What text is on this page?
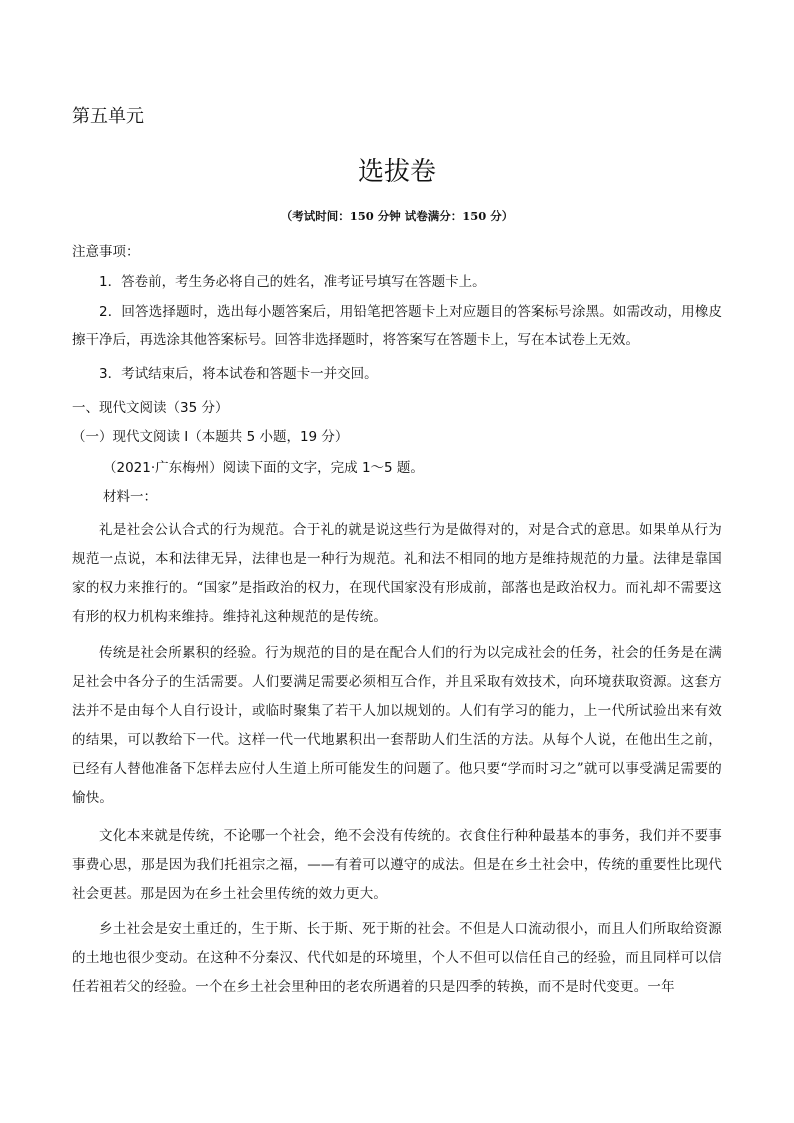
第五单元
选拔卷
（考试时间：150 分钟 试卷满分：150 分）
注意事项：
1．答卷前，考生务必将自己的姓名，准考证号填写在答题卡上。
2．回答选择题时，选出每小题答案后，用铅笔把答题卡上对应题目的答案标号涂黑。如需改动，用橡皮擦干净后，再选涂其他答案标号。回答非选择题时，将答案写在答题卡上，写在本试卷上无效。
3．考试结束后，将本试卷和答题卡一并交回。
一、现代文阅读（35 分）
（一）现代文阅读 I（本题共 5 小题，19 分）
（2021·广东梅州）阅读下面的文字，完成 1～5 题。
材料一：
礼是社会公认合式的行为规范。合于礼的就是说这些行为是做得对的，对是合式的意思。如果单从行为规范一点说，本和法律无异，法律也是一种行为规范。礼和法不相同的地方是维持规范的力量。法律是靠国家的权力来推行的。“国家”是指政治的权力，在现代国家没有形成前，部落也是政治权力。而礼却不需要这有形的权力机构来维持。维持礼这种规范的是传统。
传统是社会所累积的经验。行为规范的目的是在配合人们的行为以完成社会的任务，社会的任务是在满足社会中各分子的生活需要。人们要满足需要必须相互合作，并且采取有效技术，向环境获取资源。这套方法并不是由每个人自行设计，或临时聚集了若干人加以规划的。人们有学习的能力，上一代所试验出来有效的结果，可以教给下一代。这样一代一代地累积出一套帮助人们生活的方法。从每个人说，在他出生之前，已经有人替他准备下怎样去应付人生道上所可能发生的问题了。他只要“学而时习之”就可以事受满足需要的愉快。
文化本来就是传统，不论哪一个社会，绝不会没有传统的。衣食住行种种最基本的事务，我们并不要事事费心思，那是因为我们托祖宗之福，——有着可以遵守的成法。但是在乡土社会中，传统的重要性比现代社会更甚。那是因为在乡土社会里传统的效力更大。
乡土社会是安土重迁的，生于斯、长于斯、死于斯的社会。不但是人口流动很小，而且人们所取给资源的土地也很少变动。在这种不分秦汉、代代如是的环境里，个人不但可以信任自己的经验，而且同样可以信任若祖若父的经验。一个在乡土社会里种田的老农所遇着的只是四季的转换，而不是时代变更。一年
